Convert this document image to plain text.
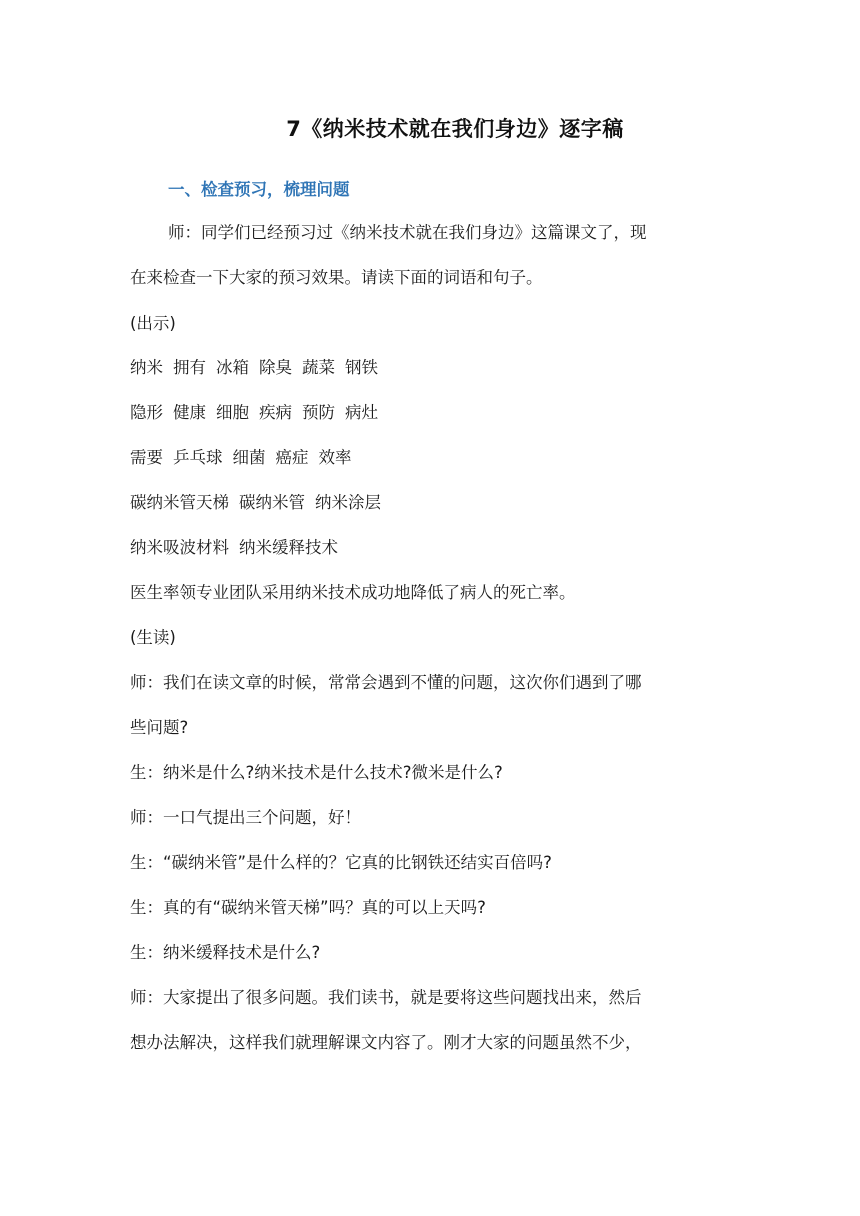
7《纳米技术就在我们身边》逐字稿
一、检查预习，梳理问题
师：同学们已经预习过《纳米技术就在我们身边》这篇课文了，现
在来检查一下大家的预习效果。请读下面的词语和句子。
(出示)
纳米 拥有 冰箱 除臭 蔬菜 钢铁
隐形 健康 细胞 疾病 预防 病灶
需要 乒乓球 细菌 癌症 效率
碳纳米管天梯 碳纳米管 纳米涂层
纳米吸波材料 纳米缓释技术
医生率领专业团队采用纳米技术成功地降低了病人的死亡率。
(生读)
师：我们在读文章的时候，常常会遇到不懂的问题，这次你们遇到了哪
些问题?
生：纳米是什么?纳米技术是什么技术?微米是什么?
师：一口气提出三个问题，好！
生：“碳纳米管”是什么样的？它真的比钢铁还结实百倍吗?
生：真的有“碳纳米管天梯”吗？真的可以上天吗?
生：纳米缓释技术是什么?
师：大家提出了很多问题。我们读书，就是要将这些问题找出来，然后
想办法解决，这样我们就理解课文内容了。刚才大家的问题虽然不少，
